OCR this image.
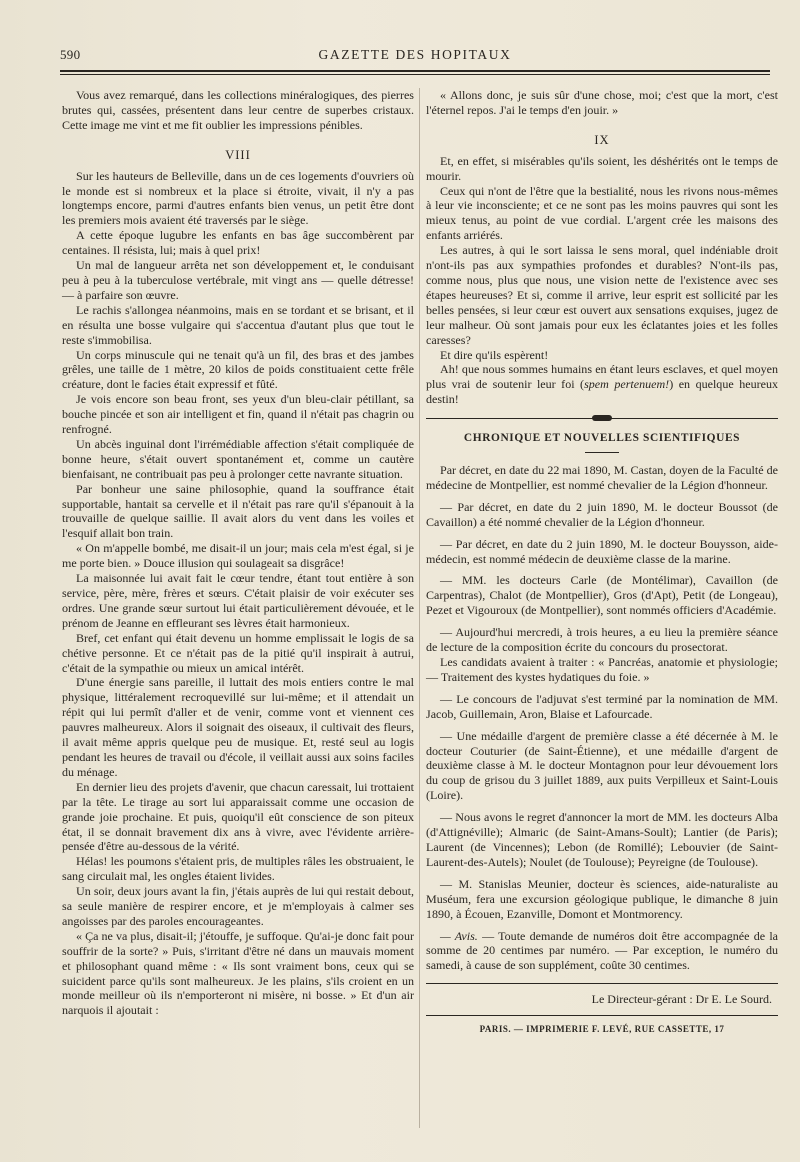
590	GAZETTE DES HOPITAUX

Vous avez remarqué, dans les collections minéralogiques, des pierres brutes qui, cassées, présentent dans leur centre de superbes cristaux. Cette image me vint et me fit oublier les impressions pénibles.

VIII

Sur les hauteurs de Belleville, dans un de ces logements d'ouvriers où le monde est si nombreux et la place si étroite, vivait, il n'y a pas longtemps encore, parmi d'autres enfants bien venus, un petit être dont les premiers mois avaient été traversés par le siège.

A cette époque lugubre les enfants en bas âge succombèrent par centaines. Il résista, lui; mais à quel prix!

Un mal de langueur arrêta net son développement et, le conduisant peu à peu à la tuberculose vertébrale, mit vingt ans — quelle détresse! — à parfaire son œuvre.

Le rachis s'allongea néanmoins, mais en se tordant et se brisant, et il en résulta une bosse vulgaire qui s'accentua d'autant plus que tout le reste s'immobilisa.

Un corps minuscule qui ne tenait qu'à un fil, des bras et des jambes grêles, une taille de 1 mètre, 20 kilos de poids constituaient cette frêle créature, dont le facies était expressif et fûté.

Je vois encore son beau front, ses yeux d'un bleu-clair pétillant, sa bouche pincée et son air intelligent et fin, quand il n'était pas chagrin ou renfrogné.

Un abcès inguinal dont l'irrémédiable affection s'était compliquée de bonne heure, s'était ouvert spontanément et, comme un cautère bienfaisant, ne contribuait pas peu à prolonger cette navrante situation.

Par bonheur une saine philosophie, quand la souffrance était supportable, hantait sa cervelle et il n'était pas rare qu'il s'épanouit à la trouvaille de quelque saillie. Il avait alors du vent dans les voiles et l'esquif allait bon train.

« On m'appelle bombé, me disait-il un jour; mais cela m'est égal, si je me porte bien. » Douce illusion qui soulageait sa disgrâce!

La maisonnée lui avait fait le cœur tendre, étant tout entière à son service, père, mère, frères et sœurs. C'était plaisir de voir exécuter ses ordres. Une grande sœur surtout lui était particulièrement dévouée, et le prénom de Jeanne en effleurant ses lèvres était harmonieux.

Bref, cet enfant qui était devenu un homme emplissait le logis de sa chétive personne. Et ce n'était pas de la pitié qu'il inspirait à autrui, c'était de la sympathie ou mieux un amical intérêt.

D'une énergie sans pareille, il luttait des mois entiers contre le mal physique, littéralement recroquevillé sur lui-même; et il attendait un répit qui lui permît d'aller et de venir, comme vont et viennent ces pauvres malheureux. Alors il soignait des oiseaux, il cultivait des fleurs, il avait même appris quelque peu de musique. Et, resté seul au logis pendant les heures de travail ou d'école, il veillait aussi aux soins faciles du ménage.

En dernier lieu des projets d'avenir, que chacun caressait, lui trottaient par la tête. Le tirage au sort lui apparaissait comme une occasion de grande joie prochaine. Et puis, quoiqu'il eût conscience de son piteux état, il se donnait bravement dix ans à vivre, avec l'évidente arrière-pensée d'être au-dessous de la vérité.

Hélas! les poumons s'étaient pris, de multiples râles les obstruaient, le sang circulait mal, les ongles étaient livides.

Un soir, deux jours avant la fin, j'étais auprès de lui qui restait debout, sa seule manière de respirer encore, et je m'employais à calmer ses angoisses par des paroles encourageantes.

« Ça ne va plus, disait-il; j'étouffe, je suffoque. Qu'ai-je donc fait pour souffrir de la sorte? » Puis, s'irritant d'être né dans un mauvais moment et philosophant quand même : « Ils sont vraiment bons, ceux qui se suicident parce qu'ils sont malheureux. Je les plains, s'ils croient en un monde meilleur où ils n'emporteront ni misère, ni bosse. » Et d'un air narquois il ajoutait :

« Allons donc, je suis sûr d'une chose, moi; c'est que la mort, c'est l'éternel repos. J'ai le temps d'en jouir. »

IX

Et, en effet, si misérables qu'ils soient, les déshérités ont le temps de mourir.

Ceux qui n'ont de l'être que la bestialité, nous les rivons nous-mêmes à leur vie inconsciente; et ce ne sont pas les moins pauvres qui sont les mieux tenus, au point de vue cordial. L'argent crée les maisons des enfants arriérés.

Les autres, à qui le sort laissa le sens moral, quel indéniable droit n'ont-ils pas aux sympathies profondes et durables? N'ont-ils pas, comme nous, plus que nous, une vision nette de l'existence avec ses étapes heureuses? Et si, comme il arrive, leur esprit est sollicité par les belles pensées, si leur cœur est ouvert aux sensations exquises, jugez de leur malheur. Où sont jamais pour eux les éclatantes joies et les folles caresses?

Et dire qu'ils espèrent!

Ah! que nous sommes humains en étant leurs esclaves, et quel moyen plus vrai de soutenir leur foi (spem pertenuem!) en quelque heureux destin!

CHRONIQUE ET NOUVELLES SCIENTIFIQUES

Par décret, en date du 22 mai 1890, M. Castan, doyen de la Faculté de médecine de Montpellier, est nommé chevalier de la Légion d'honneur.

— Par décret, en date du 2 juin 1890, M. le docteur Boussot (de Cavaillon) a été nommé chevalier de la Légion d'honneur.

— Par décret, en date du 2 juin 1890, M. le docteur Bouysson, aide-médecin, est nommé médecin de deuxième classe de la marine.

— MM. les docteurs Carle (de Montélimar), Cavaillon (de Carpentras), Chalot (de Montpellier), Gros (d'Apt), Petit (de Longeau), Pezet et Vigouroux (de Montpellier), sont nommés officiers d'Académie.

— Aujourd'hui mercredi, à trois heures, a eu lieu la première séance de lecture de la composition écrite du concours du prosectorat.

Les candidats avaient à traiter : « Pancréas, anatomie et physiologie; — Traitement des kystes hydatiques du foie. »

— Le concours de l'adjuvat s'est terminé par la nomination de MM. Jacob, Guillemain, Aron, Blaise et Lafourcade.

— Une médaille d'argent de première classe a été décernée à M. le docteur Couturier (de Saint-Étienne), et une médaille d'argent de deuxième classe à M. le docteur Montagnon pour leur dévouement lors du coup de grisou du 3 juillet 1889, aux puits Verpilleux et Saint-Louis (Loire).

— Nous avons le regret d'annoncer la mort de MM. les docteurs Alba (d'Attignéville); Almaric (de Saint-Amans-Soult); Lantier (de Paris); Laurent (de Vincennes); Lebon (de Romillé); Lebouvier (de Saint-Laurent-des-Autels); Noulet (de Toulouse); Peyreigne (de Toulouse).

— M. Stanislas Meunier, docteur ès sciences, aide-naturaliste au Muséum, fera une excursion géologique publique, le dimanche 8 juin 1890, à Écouen, Ezanville, Domont et Montmorency.

— Avis. — Toute demande de numéros doit être accompagnée de la somme de 20 centimes par numéro. — Par exception, le numéro du samedi, à cause de son supplément, coûte 30 centimes.

Le Directeur-gérant : Dr E. Le Sourd.
PARIS. — IMPRIMERIE F. LEVÉ, RUE CASSETTE, 17
